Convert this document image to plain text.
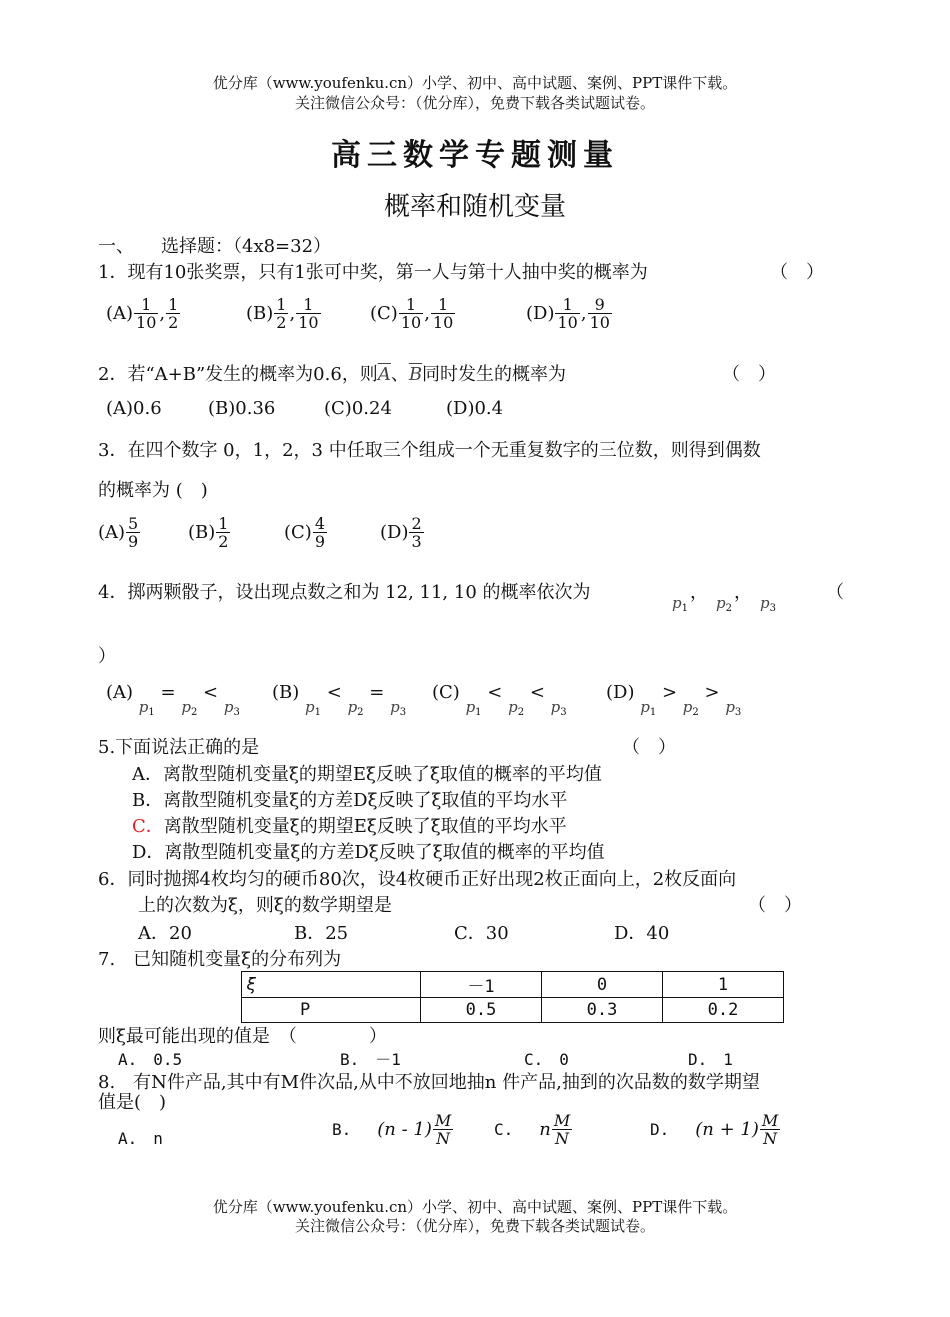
优分库（www.youfenku.cn）小学、初中、高中试题、案例、PPT课件下载。
关注微信公众号：（优分库），免费下载各类试题试卷。
高三数学专题测量
概率和随机变量
一、　　选择题：（4x8=32）
1．现有10张奖票，只有1张可中奖，第一人与第十人抽中奖的概率为	（　）
$(A) \frac{1}{10}$ , $\frac{1}{2}$	$(B) \frac{1}{2}$ , $\frac{1}{10}$	$(C) \frac{1}{10}$ , $\frac{1}{10}$	$(D) \frac{1}{10}$ , $\frac{9}{10}$
2．若“A+B”发生的概率为0.6，则$\overline{A}$、$\overline{B}$同时发生的概率为	（　）
(A)0.6	(B)0.36	(C)0.24	(D)0.4
3．在四个数字 0，1，2，3 中任取三个组成一个无重复数字的三位数，则得到偶数
的概率为 (　)
$(A) \frac{5}{9}$	$(B) \frac{1}{2}$	$(C) \frac{4}{9}$	$(D) \frac{2}{3}$
4．掷两颗骰子，设出现点数之和为 12, 11, 10 的概率依次为	$p_1$
， $p_2$
， $p_3$
（
）
(A) $p_1 = p_2 < p_3$
(B) $p_1 < p_2 = p_3$
(C) $p_1 < p_2 < p_3$
(D) $p_1 > p_2 > p_3$
5.下面说法正确的是	（　）
A．离散型随机变量ξ的期望Eξ反映了ξ取值的概率的平均值
B．离散型随机变量ξ的方差Dξ反映了ξ取值的平均水平
C．离散型随机变量ξ的期望Eξ反映了ξ取值的平均水平
D．离散型随机变量ξ的方差Dξ反映了ξ取值的概率的平均值
6．同时抛掷4枚均匀的硬币80次，设4枚硬币正好出现2枚正面向上，2枚反面向
上的次数为ξ，则ξ的数学期望是	（　）
A．20	B．25	C．30	D．40
7.　已知随机变量ξ的分布列为
ξ	－1	0	1
P	0.5	0.3	0.2
则ξ最可能出现的值是　（　　　　）
A.　0.5	B.　－1	C.　0	D.　1
8.　有N件产品,其中有M件次品,从中不放回地抽n 件产品,抽到的次品数的数学期望
值是(　)
A.　n	B. $(n - 1) \frac{M}{N}$	C. n $\frac{M}{N}$	D. $(n + 1) \frac{M}{N}$
优分库（www.youfenku.cn）小学、初中、高中试题、案例、PPT课件下载。
关注微信公众号：（优分库），免费下载各类试题试卷。
